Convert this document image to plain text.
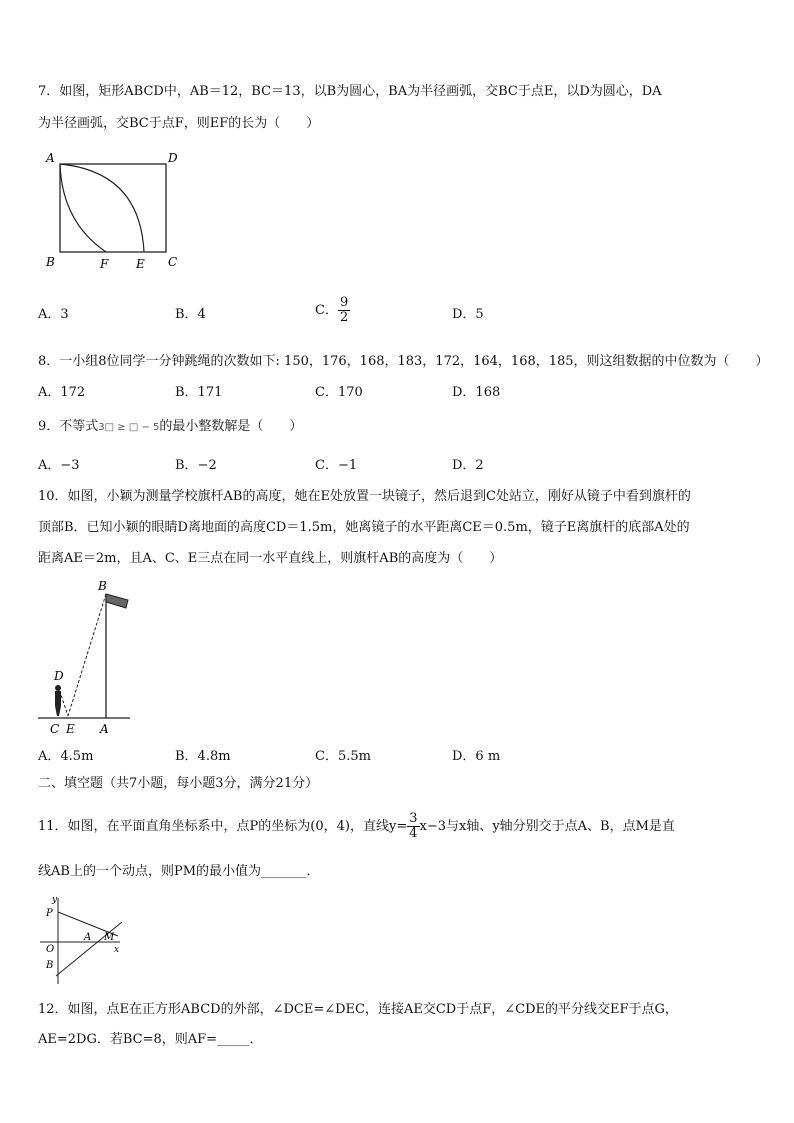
7．如图，矩形ABCD中，AB＝12，BC＝13，以B为圆心，BA为半径画弧，交BC于点E，以D为圆心，DA
为半径画弧，交BC于点F，则EF的长为（　　）
A	D
B	F E C
A．3	B．4	C． $\frac{9}{2}$	D．5
8．一小组8位同学一分钟跳绳的次数如下: 150，176，168，183，172，164，168，185，则这组数据的中位数为（　　）
A．172	B．171	C．170	D．168
9．不等式3□ ≥ □ − 5的最小整数解是（　　）
A．−3	B．−2	C．−1	D．2
10．如图，小颖为测量学校旗杆AB的高度，她在E处放置一块镜子，然后退到C处站立，刚好从镜子中看到旗杆的
顶部B．已知小颖的眼睛D离地面的高度CD＝1.5m，她离镜子的水平距离CE＝0.5m，镜子E离旗杆的底部A处的
距离AE＝2m，且A、C、E三点在同一水平直线上，则旗杆AB的高度为（　　）
B
D
C E A
A．4.5m	B．4.8m	C．5.5m	D．6 m
二、填空题（共7小题，每小题3分，满分21分）
11．如图，在平面直角坐标系中，点P的坐标为(0，4)，直线$y= \frac{3}{4} x-3$与x轴、y轴分别交于点A、B，点M是直
线AB上的一个动点，则PM的最小值为_______．
y
P
A M
O	x
B
12．如图，点E在正方形ABCD的外部，∠DCE=∠DEC，连接AE交CD于点F，∠CDE的平分线交EF于点G，
AE=2DG．若BC=8，则AF=_____．
